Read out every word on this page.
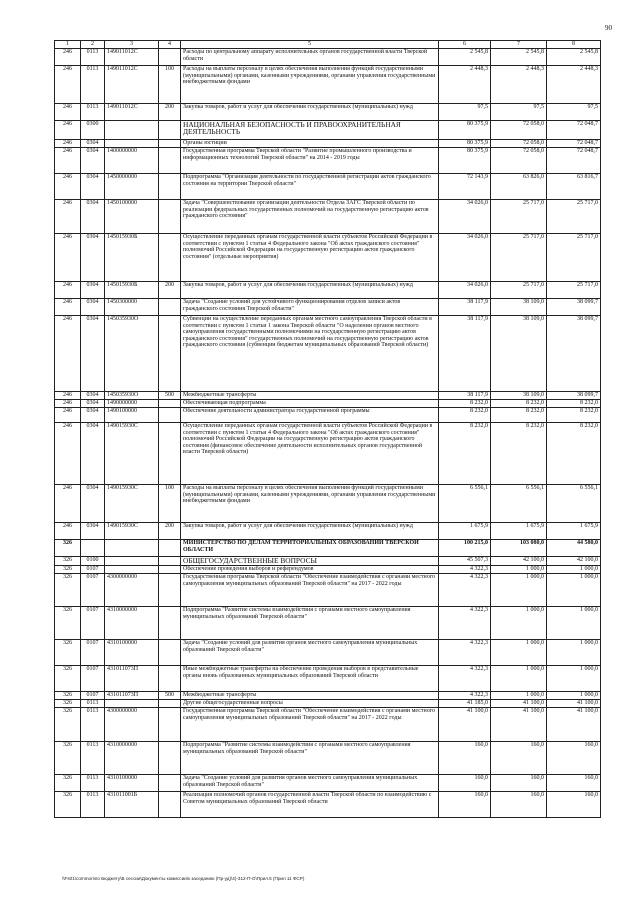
90
1	2	3	4	5	6	7	8
246	0113	149011012С		Расходы по центральному аппарату исполнительных органов государственной власти Тверской области	2 545,8	2 545,8	2 545,8
246	0113	149011012С	100	Расходы на выплаты персоналу в целях обеспечения выполнения функций государственными (муниципальными) органами, казенными учреждениями, органами управления государственными внебюджетными фондами	2 448,3	2 448,3	2 448,3
246	0113	149011012С	200	Закупка товаров, работ и услуг для обеспечения государственных (муниципальных) нужд	97,5	97,5	97,5
246	0300			НАЦИОНАЛЬНАЯ БЕЗОПАСНОСТЬ И ПРАВООХРАНИТЕЛЬНАЯ ДЕЯТЕЛЬНОСТЬ	80 375,9	72 058,0	72 048,7
246	0304			Органы юстиции	80 375,9	72 058,0	72 048,7
246	0304	1400000000		Государственная программа Тверской области "Развитие промышленного производства и информационных технологий Тверской области" на 2014 - 2019 годы	80 375,9	72 058,0	72 048,7
246	0304	1450000000		Подпрограмма "Организация деятельности по государственной регистрации актов гражданского состояния на территории Тверской области"	72 143,9	63 826,0	63 816,7
246	0304	1450100000		Задача "Совершенствование организации деятельности Отдела ЗАГС Тверской области по реализации федеральных государственных полномочий на государственную регистрацию актов гражданского состояния"	34 026,0	25 717,0	25 717,0
246	0304	145015930Б		Осуществление переданных органам государственной власти субъектов Российской Федерации в соответствии с пунктом 1 статьи 4 Федерального закона "Об актах гражданского состояния" полномочий Российской Федерации на государственную регистрацию актов гражданского состояния" (отдельные мероприятия)	34 026,0	25 717,0	25 717,0
246	0304	145015930Б	200	Закупка товаров, работ и услуг для обеспечения государственных (муниципальных) нужд	34 026,0	25 717,0	25 717,0
246	0304	1450300000		Задача "Создание условий для устойчивого функционирования отделов записи актов гражданского состояния Тверской области"	38 117,9	38 109,0	38 099,7
246	0304	145035930О		Субвенции на осуществление переданных органам местного самоуправления Тверской области в соответствии с пунктом 1 статьи 1 закона Тверской области "О наделении органов местного самоуправления государственными полномочиями на государственную регистрацию актов гражданского состояния" государственных полномочий на государственную регистрацию актов гражданского состояния (субвенции бюджетам муниципальных образований Тверской области)	38 117,9	38 109,0	38 099,7
246	0304	145035930О	500	Межбюджетные трансферты	38 117,9	38 109,0	38 099,7
246	0304	1490000000		Обеспечивающая подпрограмма	8 232,0	8 232,0	8 232,0
246	0304	1490100000		Обеспечение деятельности администратора государственной программы	8 232,0	8 232,0	8 232,0
246	0304	149015930С		Осуществление переданных органам государственной власти субъектов Российской Федерации в соответствии с пунктом 1 статьи 4 Федерального закона "Об актах гражданского состояния" полномочий Российской Федерации на государственную регистрацию актов гражданского состояния (финансовое обеспечение деятельности исполнительных органов государственной власти Тверской области)	8 232,0	8 232,0	8 232,0
246	0304	149015930С	100	Расходы на выплаты персоналу в целях обеспечения выполнения функций государственными (муниципальными) органами, казенными учреждениями, органами управления государственными внебюджетными фондами	6 556,1	6 556,1	6 556,1
246	0304	149015930С	200	Закупка товаров, работ и услуг для обеспечения государственных (муниципальных) нужд	1 675,9	1 675,9	1 675,9
326				МИНИСТЕРСТВО ПО ДЕЛАМ ТЕРРИТОРИАЛЬНЫХ ОБРАЗОВАНИЙ ТВЕРСКОЙ ОБЛАСТИ	100 215,0	103 080,0	44 580,0
326	0100			ОБЩЕГОСУДАРСТВЕННЫЕ ВОПРОСЫ	45 507,3	42 100,0	42 100,0
326	0107			Обеспечение проведения выборов и референдумов	4 322,3	1 000,0	1 000,0
326	0107	4300000000		Государственная программа Тверской области "Обеспечение взаимодействия с органами местного самоуправления муниципальных образований Тверской области" на 2017 - 2022 годы	4 322,3	1 000,0	1 000,0
326	0107	4310000000		Подпрограмма "Развитие системы взаимодействия с органами местного самоуправления муниципальных образований Тверской области"	4 322,3	1 000,0	1 000,0
326	0107	4310100000		Задача "Создание условий для развития органов местного самоуправления муниципальных образований Тверской области"	4 322,3	1 000,0	1 000,0
326	0107	431011073П		Иные межбюджетные трансферты на обеспечение проведения выборов в представительные органы вновь образованных муниципальных образований Тверской области	4 322,3	1 000,0	1 000,0
326	0107	431011073П	500	Межбюджетные трансферты	4 322,3	1 000,0	1 000,0
326	0113			Другие общегосударственные вопросы	41 185,0	41 100,0	41 100,0
326	0113	4300000000		Государственная программа Тверской области "Обеспечение взаимодействия с органами местного самоуправления муниципальных образований Тверской области" на 2017 - 2022 годы	41 100,0	41 100,0	41 100,0
326	0113	4310000000		Подпрограмма "Развитие системы взаимодействия с органами местного самоуправления муниципальных образований Тверской области"	160,0	160,0	160,0
326	0113	4310100000		Задача "Создание условий для развития органов местного самоуправления муниципальных образований Тверской области"	160,0	160,0	160,0
326	0113	431011001Б		Реализация полномочий органов государственной власти Тверской области по взаимодействию с Советом муниципальных образований Тверской области	160,0	160,0	160,0
\\Fs01\common\по Бюджету\В сессии\Документы комиссии\к заседанию (Пр-уд)\4)-312-П-О\Прил.5 (Прил 11 ФСР)
